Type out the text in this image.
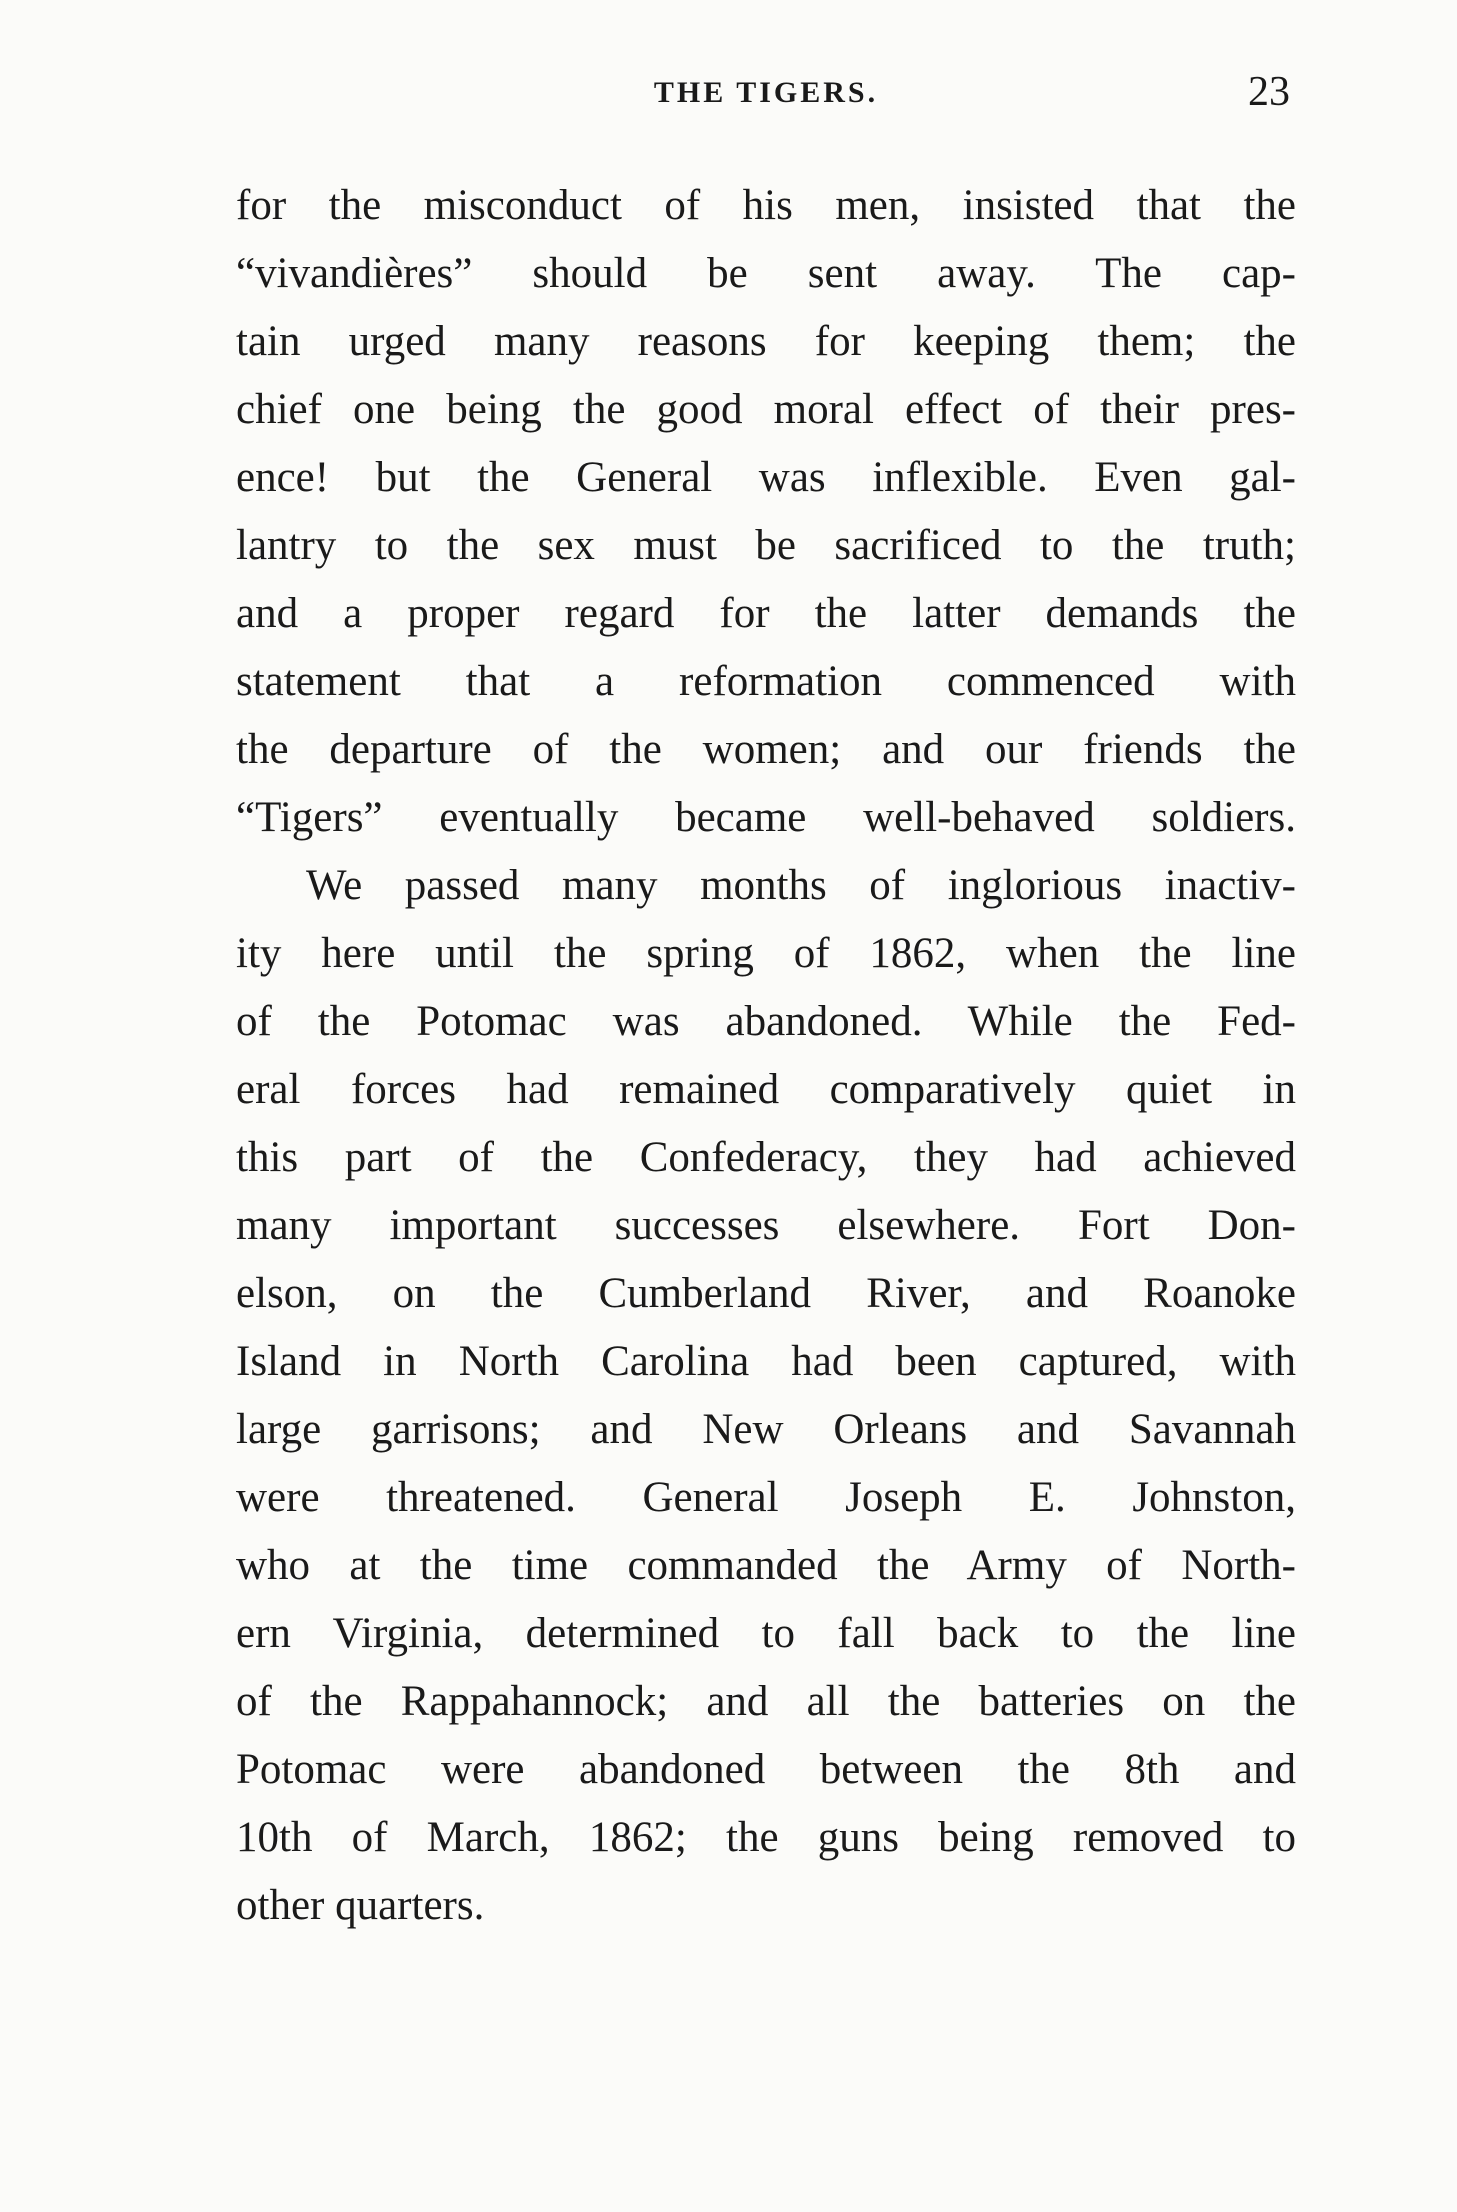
THE TIGERS.	23
for the misconduct of his men, insisted that the
“vivandières” should be sent away. The cap-
tain urged many reasons for keeping them; the
chief one being the good moral effect of their pres-
ence! but the General was inflexible. Even gal-
lantry to the sex must be sacrificed to the truth;
and a proper regard for the latter demands the
statement that a reformation commenced with
the departure of the women; and our friends the
“Tigers” eventually became well-behaved soldiers.
We passed many months of inglorious inactiv-
ity here until the spring of 1862, when the line
of the Potomac was abandoned. While the Fed-
eral forces had remained comparatively quiet in
this part of the Confederacy, they had achieved
many important successes elsewhere. Fort Don-
elson, on the Cumberland River, and Roanoke
Island in North Carolina had been captured, with
large garrisons; and New Orleans and Savannah
were threatened. General Joseph E. Johnston,
who at the time commanded the Army of North-
ern Virginia, determined to fall back to the line
of the Rappahannock; and all the batteries on the
Potomac were abandoned between the 8th and
10th of March, 1862; the guns being removed to
other quarters.
